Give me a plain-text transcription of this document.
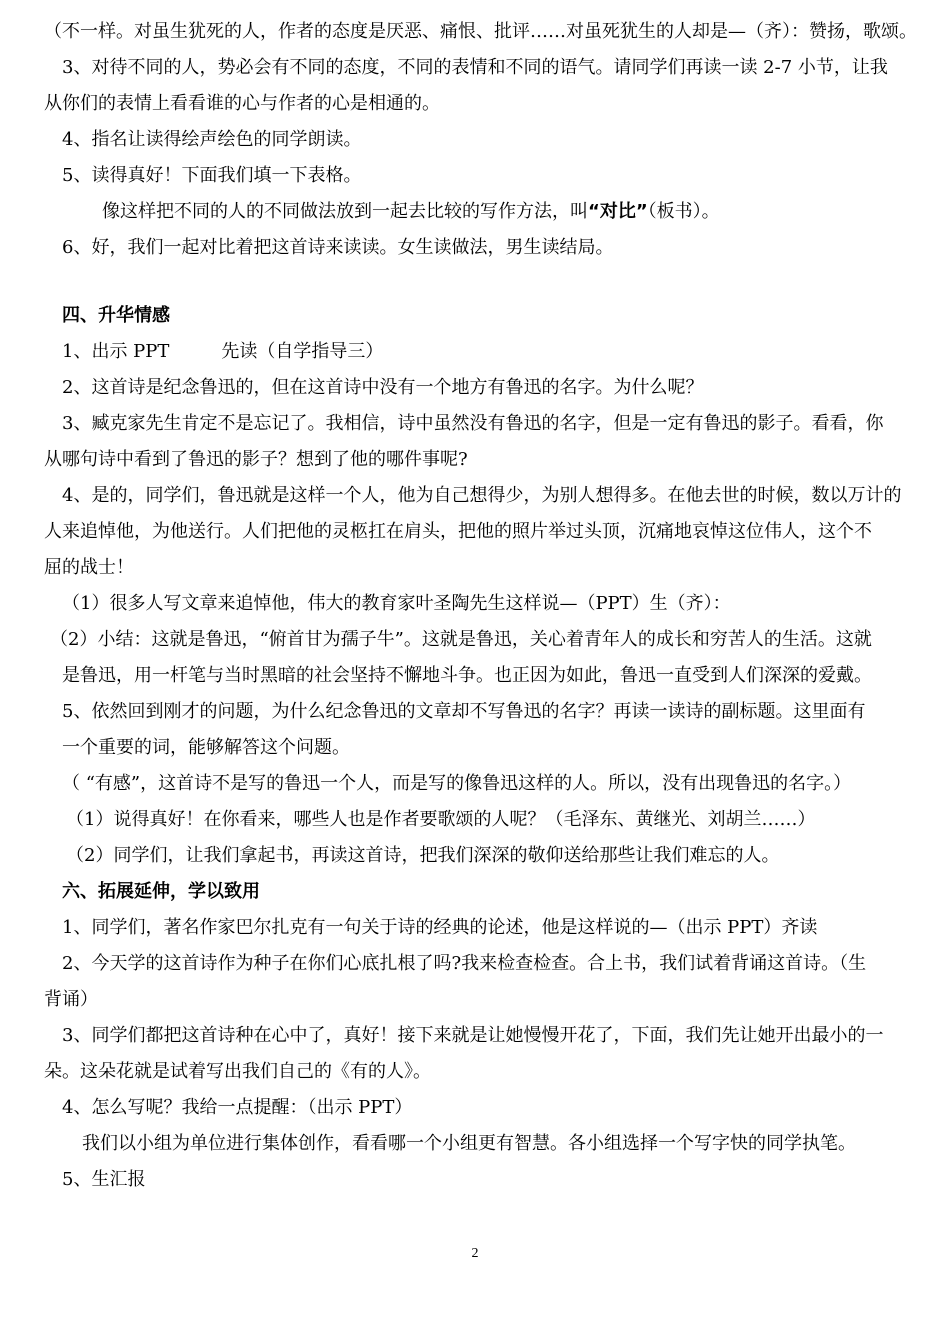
（不一样。对虽生犹死的人，作者的态度是厌恶、痛恨、批评……对虽死犹生的人却是—（齐）：赞扬，歌颂。
3、对待不同的人，势必会有不同的态度，不同的表情和不同的语气。请同学们再读一读 2-7 小节，让我
从你们的表情上看看谁的心与作者的心是相通的。
4、指名让读得绘声绘色的同学朗读。
5、读得真好！下面我们填一下表格。
像这样把不同的人的不同做法放到一起去比较的写作方法，叫“对比”（板书）。
6、好，我们一起对比着把这首诗来读读。女生读做法，男生读结局。
四、升华情感
1、出示 PPT	先读（自学指导三）
2、这首诗是纪念鲁迅的，但在这首诗中没有一个地方有鲁迅的名字。为什么呢？
3、臧克家先生肯定不是忘记了。我相信，诗中虽然没有鲁迅的名字，但是一定有鲁迅的影子。看看，你
从哪句诗中看到了鲁迅的影子？想到了他的哪件事呢?
4、是的，同学们，鲁迅就是这样一个人，他为自己想得少，为别人想得多。在他去世的时候，数以万计的
人来追悼他，为他送行。人们把他的灵柩扛在肩头，把他的照片举过头顶，沉痛地哀悼这位伟人，这个不
屈的战士！
（1）很多人写文章来追悼他，伟大的教育家叶圣陶先生这样说—（PPT）生（齐）：
（2）小结：这就是鲁迅，“俯首甘为孺子牛”。这就是鲁迅，关心着青年人的成长和穷苦人的生活。这就
是鲁迅，用一杆笔与当时黑暗的社会坚持不懈地斗争。也正因为如此，鲁迅一直受到人们深深的爱戴。
5、依然回到刚才的问题，为什么纪念鲁迅的文章却不写鲁迅的名字？再读一读诗的副标题。这里面有
一个重要的词，能够解答这个问题。
（ “有感”，这首诗不是写的鲁迅一个人，而是写的像鲁迅这样的人。所以，没有出现鲁迅的名字。）
（1）说得真好！在你看来，哪些人也是作者要歌颂的人呢？（毛泽东、黄继光、刘胡兰……）
（2）同学们，让我们拿起书，再读这首诗，把我们深深的敬仰送给那些让我们难忘的人。
六、拓展延伸，学以致用
1、同学们，著名作家巴尔扎克有一句关于诗的经典的论述，他是这样说的—（出示 PPT）齐读
2、今天学的这首诗作为种子在你们心底扎根了吗?我来检查检查。合上书，我们试着背诵这首诗。（生
背诵）
3、同学们都把这首诗种在心中了，真好！接下来就是让她慢慢开花了，下面，我们先让她开出最小的一
朵。这朵花就是试着写出我们自己的《有的人》。
4、怎么写呢？我给一点提醒：（出示 PPT）
我们以小组为单位进行集体创作，看看哪一个小组更有智慧。各小组选择一个写字快的同学执笔。
5、生汇报
2
